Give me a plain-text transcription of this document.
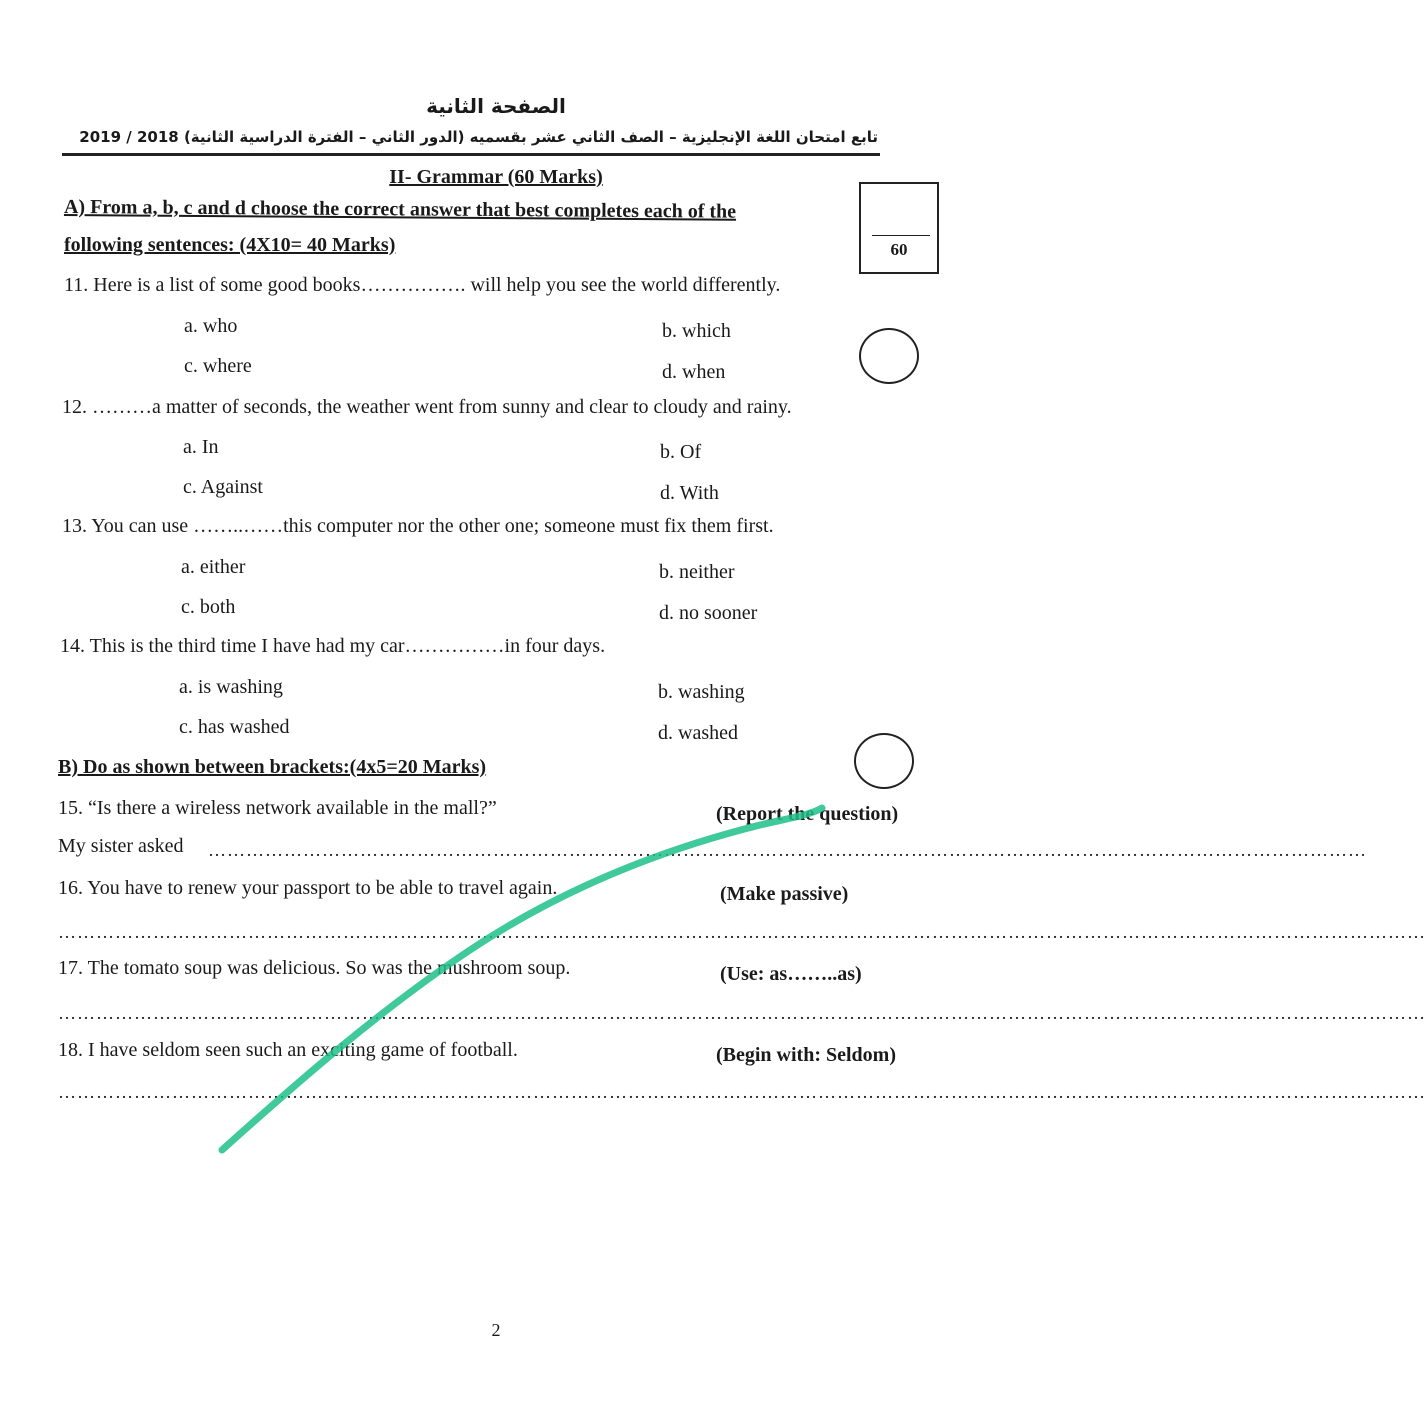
الصفحة الثانية
تابع امتحان اللغة الإنجليزية – الصف الثاني عشر بقسميه (الدور الثاني – الفترة الدراسية الثانية) 2018 / 2019
II- Grammar (60 Marks)
60
A) From a, b, c and d choose the correct answer that best completes each of the
following sentences: (4X10= 40 Marks)
11. Here is a list of some good books……………. will help you see the world differently.
a. who	b. which
c. where	d. when
12. ………a matter of seconds, the weather went from sunny and clear to cloudy and rainy.
a. In	b. Of
c. Against	d. With
13. You can use ……..……this computer nor the other one; someone must fix them first.
a. either	b. neither
c. both	d. no sooner
14. This is the third time I have had my car……………in four days.
a. is washing	b. washing
c. has washed	d. washed
B) Do as shown between brackets:(4x5=20 Marks)
15. “Is there a wireless network available in the mall?”	(Report the question)
My sister asked …………………………………………………………………………………………………………………………………………………………………
16. You have to renew your passport to be able to travel again.	(Make passive)
………………………………………………………………………………………………………………………………………………………………………………………………
17. The tomato soup was delicious. So was the mushroom soup.	(Use: as……..as)
………………………………………………………………………………………………………………………………………………………………………………………………
18. I have seldom seen such an exciting game of football.	(Begin with: Seldom)
………………………………………………………………………………………………………………………………………………………………………………………………
2
